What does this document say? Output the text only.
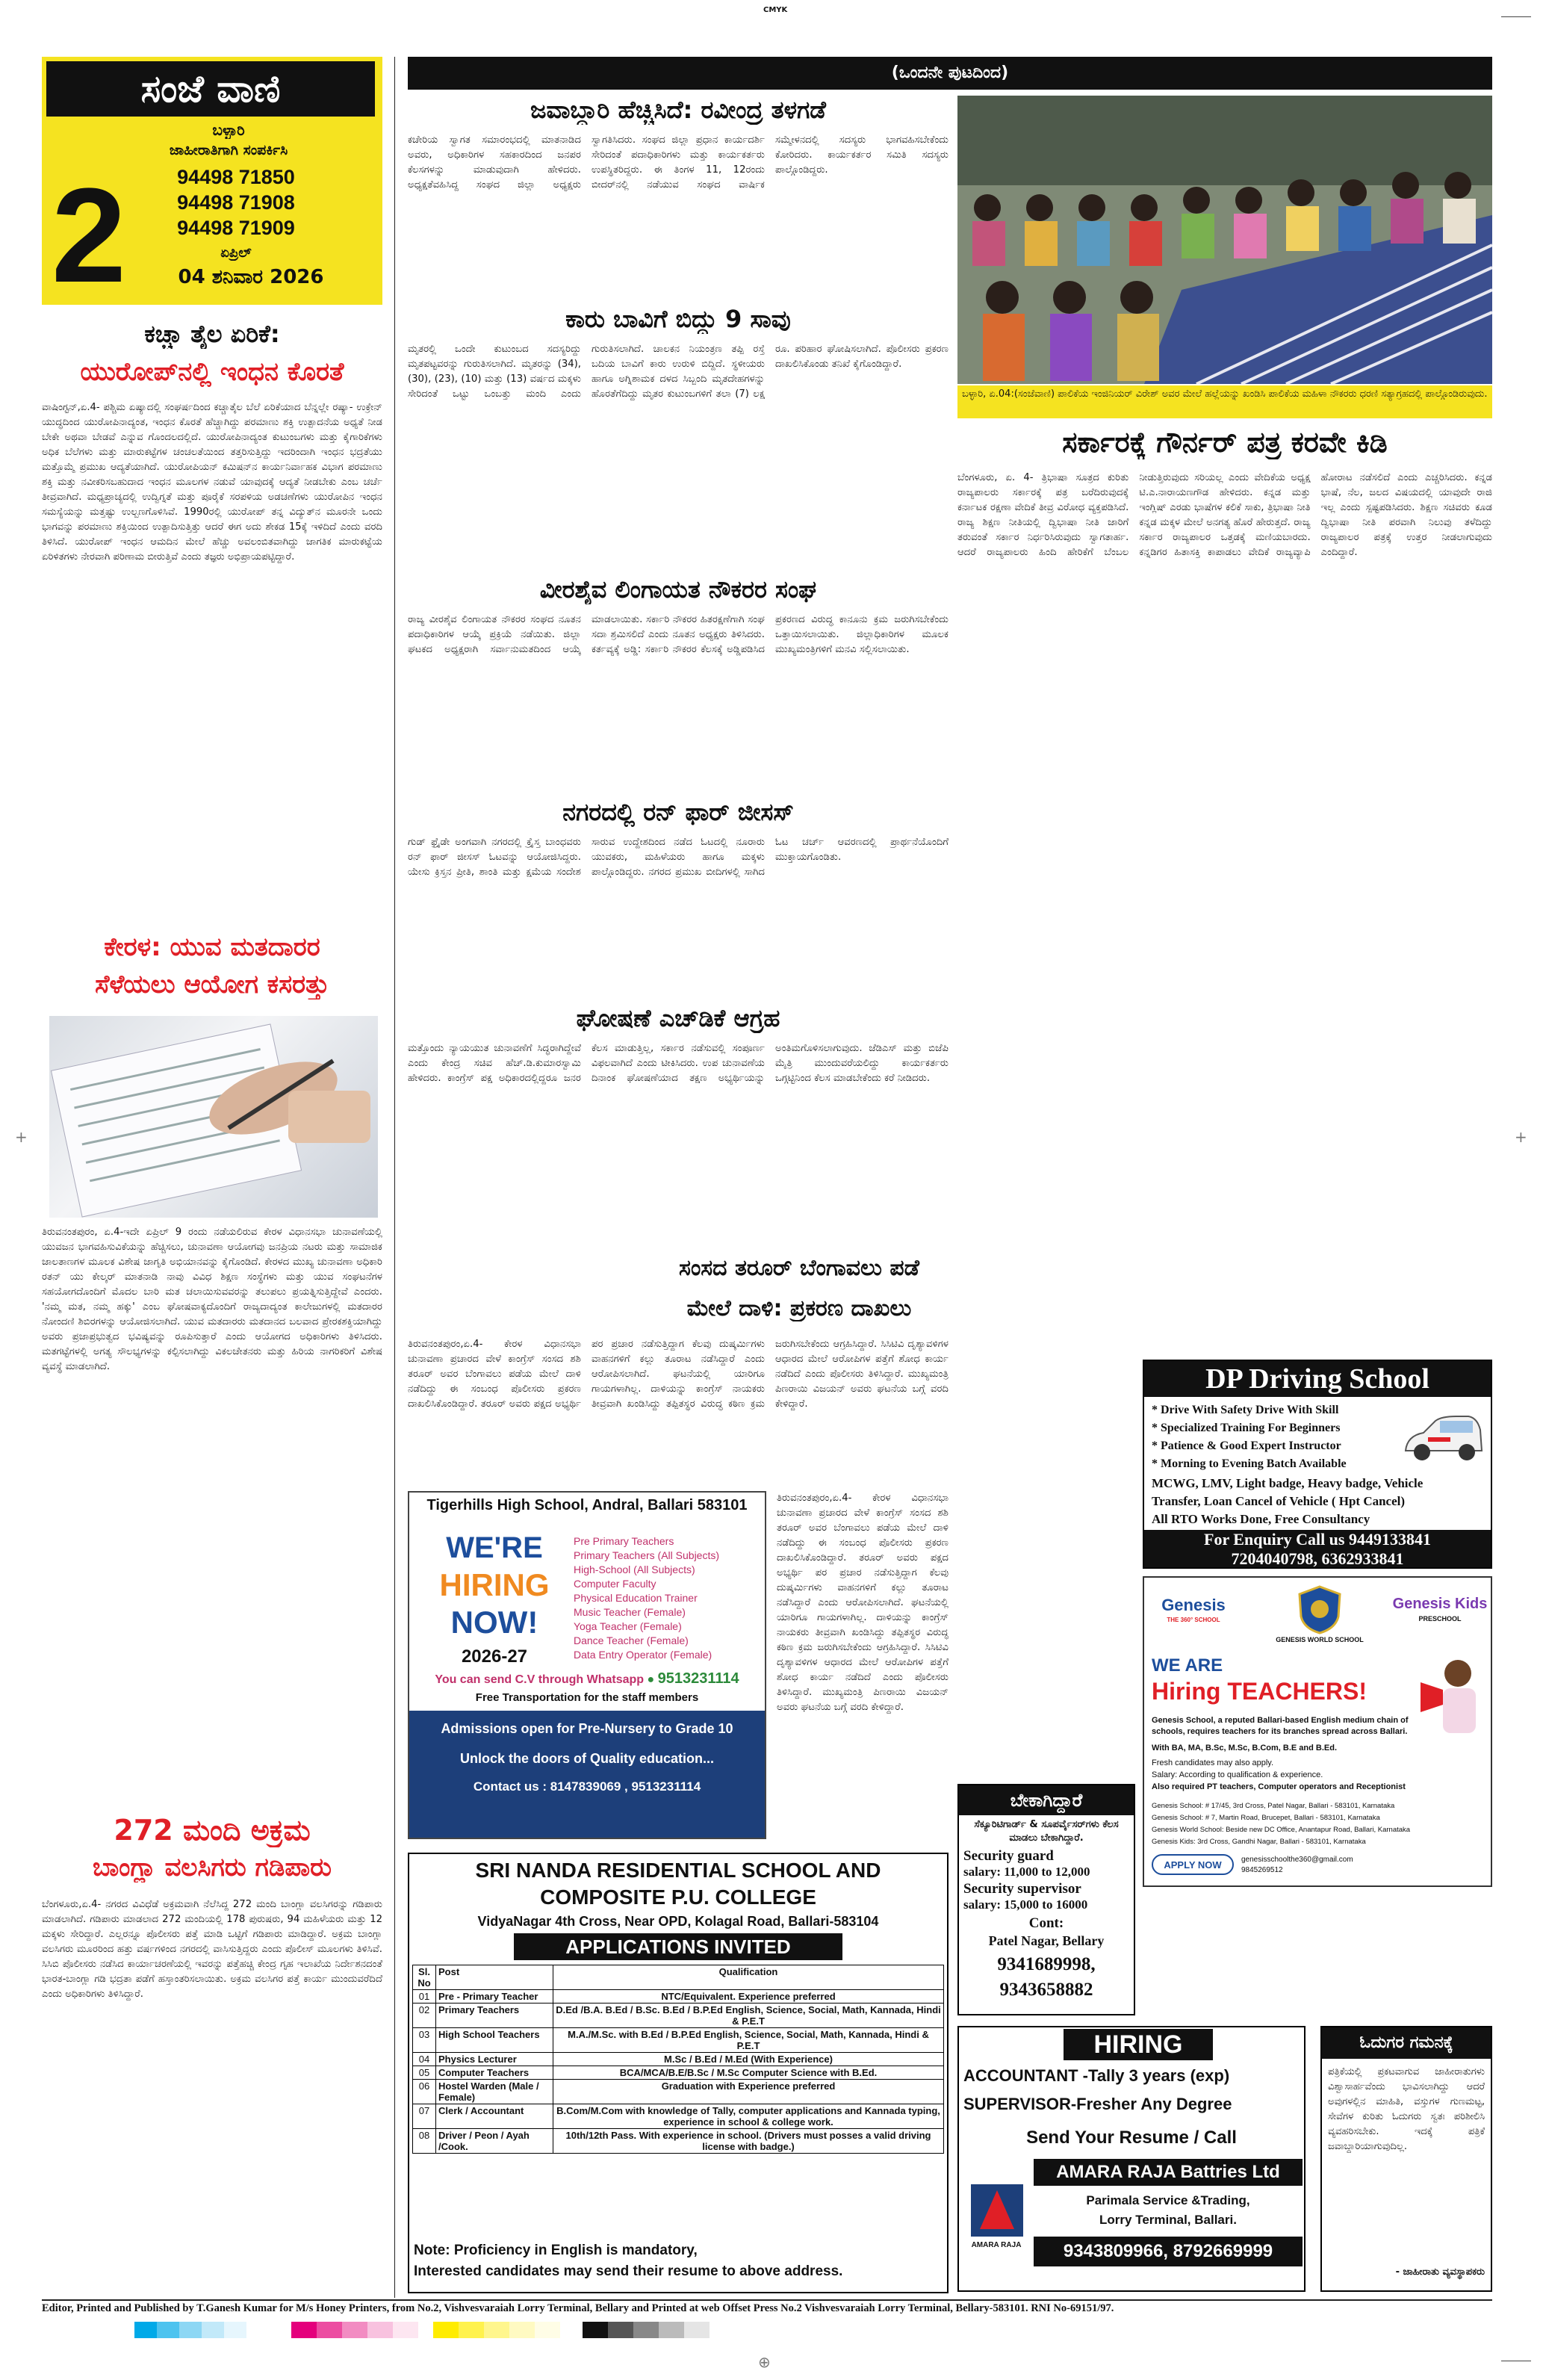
CMYK
+	+
⊕
ಸಂಜೆ ವಾಣಿ
ಬಳ್ಳಾರಿ
ಜಾಹೀರಾತಿಗಾಗಿ ಸಂಪರ್ಕಿಸಿ
94498 71850
94498 71908
94498 71909
2	ಏಪ್ರಿಲ್
04 ಶನಿವಾರ 2026
ಕಚ್ಚಾ ತೈಲ ಏರಿಕೆ:
ಯುರೋಪ್‌ನಲ್ಲಿ ಇಂಧನ ಕೊರತೆ
ವಾಷಿಂಗ್ಟನ್,ಏ.4- ಪಶ್ಚಿಮ ಏಷ್ಯಾದಲ್ಲಿ ಸಂಘರ್ಷದಿಂದ ಕಚ್ಚಾತೈಲ ಬೆಲೆ ಏರಿಕೆಯಾದ ಬೆನ್ನಲ್ಲೇ ರಷ್ಯಾ- ಉಕ್ರೇನ್ ಯುದ್ಧದಿಂದ ಯುರೋಪಿನಾದ್ಯಂತ, ಇಂಧನ ಕೊರತೆ ಹೆಚ್ಚಾಗಿದ್ದು ಪರಮಾಣು ಶಕ್ತಿ ಉತ್ಪಾದನೆಯ ಅಧ್ಯತೆ ನೀಡ ಬೇಕೇ ಅಥವಾ ಬೇಡವೆ ಎನ್ನುವ ಗೊಂದಲದಲ್ಲಿದೆ. ಯುರೋಪಿನಾದ್ಯಂತ ಕುಟುಂಬಗಳು ಮತ್ತು ಕೈಗಾರಿಕೆಗಳು ಅಧಿಕ ಬೆಲೆಗಳು ಮತ್ತು ಮಾರುಕಟ್ಟೆಗಳ ಚಂಚಲತೆಯಿಂದ ತತ್ತರಿಸುತ್ತಿದ್ದು ಇದರಿಂದಾಗಿ ಇಂಧನ ಭದ್ರತೆಯು ಮತ್ತೊಮ್ಮೆ ಪ್ರಮುಖ ಆದ್ಯತೆಯಾಗಿದೆ. ಯುರೋಪಿಯನ್ ಕಮಿಷನ್‌ನ ಕಾರ್ಯನಿರ್ವಾಹಕ ವಿಭಾಗ ಪರಮಾಣು ಶಕ್ತಿ ಮತ್ತು ನವೀಕರಿಸಬಹುದಾದ ಇಂಧನ ಮೂಲಗಳ ನಡುವೆ ಯಾವುದಕ್ಕೆ ಆದ್ಯತೆ ನೀಡಬೇಕು ಎಂಬ ಚರ್ಚೆ ತೀವ್ರವಾಗಿದೆ. ಮಧ್ಯಪ್ರಾಚ್ಯದಲ್ಲಿ ಉದ್ವಿಗ್ನತೆ ಮತ್ತು ಪೂರೈಕೆ ಸರಪಳಿಯ ಅಡಚಣೆಗಳು ಯುರೋಪಿನ ಇಂಧನ ಸಮಸ್ಯೆಯನ್ನು ಮತ್ತಷ್ಟು ಉಲ್ಬಣಗೊಳಿಸಿವೆ. 1990ರಲ್ಲಿ ಯುರೋಪ್ ತನ್ನ ವಿದ್ಯುತ್‌ನ ಮೂರನೇ ಒಂದು ಭಾಗವನ್ನು ಪರಮಾಣು ಶಕ್ತಿಯಿಂದ ಉತ್ಪಾದಿಸುತ್ತಿತ್ತು ಆದರೆ ಈಗ ಅದು ಶೇಕಡ 15ಕ್ಕೆ ಇಳಿದಿದೆ ಎಂದು ವರದಿ ತಿಳಿಸಿದೆ. ಯುರೋಪ್ ಇಂಧನ ಆಮದಿನ ಮೇಲೆ ಹೆಚ್ಚು ಅವಲಂಬಿತವಾಗಿದ್ದು ಜಾಗತಿಕ ಮಾರುಕಟ್ಟೆಯ ಏರಿಳಿತಗಳು ನೇರವಾಗಿ ಪರಿಣಾಮ ಬೀರುತ್ತಿವೆ ಎಂದು ತಜ್ಞರು ಅಭಿಪ್ರಾಯಪಟ್ಟಿದ್ದಾರೆ.
ಕೇರಳ: ಯುವ ಮತದಾರರ
ಸೆಳೆಯಲು ಆಯೋಗ ಕಸರತ್ತು
ತಿರುವನಂತಪುರಂ, ಏ.4-ಇದೇ ಏಪ್ರಿಲ್ 9 ರಂದು ನಡೆಯಲಿರುವ ಕೇರಳ ವಿಧಾನಸಭಾ ಚುನಾವಣೆಯಲ್ಲಿ ಯುವಜನ ಭಾಗವಹಿಸುವಿಕೆಯನ್ನು ಹೆಚ್ಚಿಸಲು, ಚುನಾವಣಾ ಆಯೋಗವು ಜನಪ್ರಿಯ ನಟರು ಮತ್ತು ಸಾಮಾಜಿಕ ಜಾಲತಾಣಗಳ ಮೂಲಕ ವಿಶೇಷ ಜಾಗೃತಿ ಅಭಿಯಾನವನ್ನು ಕೈಗೊಂಡಿದೆ. ಕೇರಳದ ಮುಖ್ಯ ಚುನಾವಣಾ ಅಧಿಕಾರಿ ರತನ್ ಯು ಕೇಲ್ಕರ್ ಮಾತನಾಡಿ ನಾವು ವಿವಿಧ ಶಿಕ್ಷಣ ಸಂಸ್ಥೆಗಳು ಮತ್ತು ಯುವ ಸಂಘಟನೆಗಳ ಸಹಯೋಗದೊಂದಿಗೆ ಮೊದಲ ಬಾರಿ ಮತ ಚಲಾಯಿಸುವವರನ್ನು ತಲುಪಲು ಪ್ರಯತ್ನಿಸುತ್ತಿದ್ದೇವೆ ಎಂದರು. 'ನಮ್ಮ ಮತ, ನಮ್ಮ ಹಕ್ಕು' ಎಂಬ ಘೋಷವಾಕ್ಯದೊಂದಿಗೆ ರಾಜ್ಯದಾದ್ಯಂತ ಕಾಲೇಜುಗಳಲ್ಲಿ ಮತದಾರರ ನೋಂದಣಿ ಶಿಬಿರಗಳನ್ನು ಆಯೋಜಿಸಲಾಗಿದೆ. ಯುವ ಮತದಾರರು ಮತದಾನದ ಬಲವಾದ ಪ್ರೇರಕಶಕ್ತಿಯಾಗಿದ್ದು ಅವರು ಪ್ರಜಾಪ್ರಭುತ್ವದ ಭವಿಷ್ಯವನ್ನು ರೂಪಿಸುತ್ತಾರೆ ಎಂದು ಆಯೋಗದ ಅಧಿಕಾರಿಗಳು ತಿಳಿಸಿದರು. ಮತಗಟ್ಟೆಗಳಲ್ಲಿ ಅಗತ್ಯ ಸೌಲಭ್ಯಗಳನ್ನು ಕಲ್ಪಿಸಲಾಗಿದ್ದು ವಿಕಲಚೇತನರು ಮತ್ತು ಹಿರಿಯ ನಾಗರಿಕರಿಗೆ ವಿಶೇಷ ವ್ಯವಸ್ಥೆ ಮಾಡಲಾಗಿದೆ.
272 ಮಂದಿ ಅಕ್ರಮ
ಬಾಂಗ್ಲಾ ವಲಸಿಗರು ಗಡಿಪಾರು
ಬೆಂಗಳೂರು,ಏ.4- ನಗರದ ವಿವಿಧೆಡೆ ಅಕ್ರಮವಾಗಿ ನೆಲೆಸಿದ್ದ 272 ಮಂದಿ ಬಾಂಗ್ಲಾ ವಲಸಿಗರನ್ನು ಗಡಿಪಾರು ಮಾಡಲಾಗಿದೆ. ಗಡಿಪಾರು ಮಾಡಲಾದ 272 ಮಂದಿಯಲ್ಲಿ 178 ಪುರುಷರು, 94 ಮಹಿಳೆಯರು ಮತ್ತು 12 ಮಕ್ಕಳು ಸೇರಿದ್ದಾರೆ. ಎಲ್ಲರನ್ನೂ ಪೊಲೀಸರು ಪತ್ತೆ ಮಾಡಿ ಒಟ್ಟಿಗೆ ಗಡಿಪಾರು ಮಾಡಿದ್ದಾರೆ. ಅಕ್ರಮ ಬಾಂಗ್ಲಾ ವಲಸಿಗರು ಮೂರರಿಂದ ಹತ್ತು ವರ್ಷಗಳಿಂದ ನಗರದಲ್ಲಿ ವಾಸಿಸುತ್ತಿದ್ದರು ಎಂದು ಪೊಲೀಸ್ ಮೂಲಗಳು ತಿಳಿಸಿವೆ. ಸಿಸಿಬಿ ಪೊಲೀಸರು ನಡೆಸಿದ ಕಾರ್ಯಾಚರಣೆಯಲ್ಲಿ ಇವರನ್ನು ಪತ್ತೆಹಚ್ಚಿ ಕೇಂದ್ರ ಗೃಹ ಇಲಾಖೆಯ ನಿರ್ದೇಶನದಂತೆ ಭಾರತ-ಬಾಂಗ್ಲಾ ಗಡಿ ಭದ್ರತಾ ಪಡೆಗೆ ಹಸ್ತಾಂತರಿಸಲಾಯಿತು. ಅಕ್ರಮ ವಲಸಿಗರ ಪತ್ತೆ ಕಾರ್ಯ ಮುಂದುವರೆದಿದೆ ಎಂದು ಅಧಿಕಾರಿಗಳು ತಿಳಿಸಿದ್ದಾರೆ.
(ಒಂದನೇ ಪುಟದಿಂದ)
ಜವಾಬ್ದಾರಿ ಹೆಚ್ಚಿಸಿದೆ: ರವೀಂದ್ರ ತಳಗಡೆ
ಕಚೇರಿಯ ಸ್ವಾಗತ ಸಮಾರಂಭದಲ್ಲಿ ಮಾತನಾಡಿದ ಅವರು, ಅಧಿಕಾರಿಗಳ ಸಹಕಾರದಿಂದ ಜನಪರ ಕೆಲಸಗಳನ್ನು ಮಾಡುವುದಾಗಿ ಹೇಳಿದರು. ಅಧ್ಯಕ್ಷತೆವಹಿಸಿದ್ದ ಸಂಘದ ಜಿಲ್ಲಾ ಅಧ್ಯಕ್ಷರು ಸ್ವಾಗತಿಸಿದರು. ಸಂಘದ ಜಿಲ್ಲಾ ಪ್ರಧಾನ ಕಾರ್ಯದರ್ಶಿ ಸೇರಿದಂತೆ ಪದಾಧಿಕಾರಿಗಳು ಮತ್ತು ಕಾರ್ಯಕರ್ತರು ಉಪಸ್ಥಿತರಿದ್ದರು. ಈ ತಿಂಗಳ 11, 12ರಂದು ಬೀದರ್‌ನಲ್ಲಿ ನಡೆಯುವ ಸಂಘದ ವಾರ್ಷಿಕ ಸಮ್ಮೇಳನದಲ್ಲಿ ಸದಸ್ಯರು ಭಾಗವಹಿಸಬೇಕೆಂದು ಕೋರಿದರು. ಕಾರ್ಯಕರ್ತರ ಸಮಿತಿ ಸದಸ್ಯರು ಪಾಲ್ಗೊಂಡಿದ್ದರು.
ಬಳ್ಳಾರಿ, ಏ.04:(ಸಂಜೆವಾಣಿ) ಪಾಲಿಕೆಯ ಇಂಜಿನಿಯರ್ ವಿರೇಶ್ ಅವರ ಮೇಲೆ ಹಲ್ಲೆಯನ್ನು ಖಂಡಿಸಿ ಪಾಲಿಕೆಯ ಮಹಿಳಾ ನೌಕರರು ಧರಣಿ ಸತ್ಯಾಗ್ರಹದಲ್ಲಿ ಪಾಲ್ಗೊಂಡಿರುವುದು.
ಕಾರು ಬಾವಿಗೆ ಬಿದ್ದು 9 ಸಾವು
ಮೃತರಲ್ಲಿ ಒಂದೇ ಕುಟುಂಬದ ಸದಸ್ಯರಿದ್ದು ಮೃತಪಟ್ಟವರನ್ನು ಗುರುತಿಸಲಾಗಿದೆ. ಮೃತರನ್ನು (34), (30), (23), (10) ಮತ್ತು (13) ವರ್ಷದ ಮಕ್ಕಳು ಸೇರಿದಂತೆ ಒಟ್ಟು ಒಂಬತ್ತು ಮಂದಿ ಎಂದು ಗುರುತಿಸಲಾಗಿದೆ. ಚಾಲಕನ ನಿಯಂತ್ರಣ ತಪ್ಪಿ ರಸ್ತೆ ಬದಿಯ ಬಾವಿಗೆ ಕಾರು ಉರುಳಿ ಬಿದ್ದಿದೆ. ಸ್ಥಳೀಯರು ಹಾಗೂ ಅಗ್ನಿಶಾಮಕ ದಳದ ಸಿಬ್ಬಂದಿ ಮೃತದೇಹಗಳನ್ನು ಹೊರತೆಗೆದಿದ್ದು ಮೃತರ ಕುಟುಂಬಗಳಿಗೆ ತಲಾ (7) ಲಕ್ಷ ರೂ. ಪರಿಹಾರ ಘೋಷಿಸಲಾಗಿದೆ. ಪೊಲೀಸರು ಪ್ರಕರಣ ದಾಖಲಿಸಿಕೊಂಡು ತನಿಖೆ ಕೈಗೊಂಡಿದ್ದಾರೆ.
ವೀರಶೈವ ಲಿಂಗಾಯತ ನೌಕರರ ಸಂಘ
ರಾಜ್ಯ ವೀರಶೈವ ಲಿಂಗಾಯತ ನೌಕರರ ಸಂಘದ ನೂತನ ಪದಾಧಿಕಾರಿಗಳ ಆಯ್ಕೆ ಪ್ರಕ್ರಿಯೆ ನಡೆಯಿತು. ಜಿಲ್ಲಾ ಘಟಕದ ಅಧ್ಯಕ್ಷರಾಗಿ ಸರ್ವಾನುಮತದಿಂದ ಆಯ್ಕೆ ಮಾಡಲಾಯಿತು. ಸರ್ಕಾರಿ ನೌಕರರ ಹಿತರಕ್ಷಣೆಗಾಗಿ ಸಂಘ ಸದಾ ಶ್ರಮಿಸಲಿದೆ ಎಂದು ನೂತನ ಅಧ್ಯಕ್ಷರು ತಿಳಿಸಿದರು. ಕರ್ತವ್ಯಕ್ಕೆ ಅಡ್ಡಿ: ಸರ್ಕಾರಿ ನೌಕರರ ಕೆಲಸಕ್ಕೆ ಅಡ್ಡಿಪಡಿಸಿದ ಪ್ರಕರಣದ ವಿರುದ್ಧ ಕಾನೂನು ಕ್ರಮ ಜರುಗಿಸಬೇಕೆಂದು ಒತ್ತಾಯಿಸಲಾಯಿತು. ಜಿಲ್ಲಾಧಿಕಾರಿಗಳ ಮೂಲಕ ಮುಖ್ಯಮಂತ್ರಿಗಳಿಗೆ ಮನವಿ ಸಲ್ಲಿಸಲಾಯಿತು.
ನಗರದಲ್ಲಿ ರನ್ ಫಾರ್ ಜೀಸಸ್
ಗುಡ್ ಫ್ರೈಡೇ ಅಂಗವಾಗಿ ನಗರದಲ್ಲಿ ಕ್ರೈಸ್ತ ಬಾಂಧವರು ರನ್ ಫಾರ್ ಜೀಸಸ್ ಓಟವನ್ನು ಆಯೋಜಿಸಿದ್ದರು. ಯೇಸು ಕ್ರಿಸ್ತನ ಪ್ರೀತಿ, ಶಾಂತಿ ಮತ್ತು ಕ್ಷಮೆಯ ಸಂದೇಶ ಸಾರುವ ಉದ್ದೇಶದಿಂದ ನಡೆದ ಓಟದಲ್ಲಿ ನೂರಾರು ಯುವಕರು, ಮಹಿಳೆಯರು ಹಾಗೂ ಮಕ್ಕಳು ಪಾಲ್ಗೊಂಡಿದ್ದರು. ನಗರದ ಪ್ರಮುಖ ಬೀದಿಗಳಲ್ಲಿ ಸಾಗಿದ ಓಟ ಚರ್ಚ್ ಆವರಣದಲ್ಲಿ ಪ್ರಾರ್ಥನೆಯೊಂದಿಗೆ ಮುಕ್ತಾಯಗೊಂಡಿತು.
ಘೋಷಣೆ ಎಚ್‌ಡಿಕೆ ಆಗ್ರಹ
ಮತ್ತೊಂದು ನ್ಯಾಯಯುತ ಚುನಾವಣೆಗೆ ಸಿದ್ಧರಾಗಿದ್ದೇವೆ ಎಂದು ಕೇಂದ್ರ ಸಚಿವ ಹೆಚ್.ಡಿ.ಕುಮಾರಸ್ವಾಮಿ ಹೇಳಿದರು. ಕಾಂಗ್ರೆಸ್ ಪಕ್ಷ ಅಧಿಕಾರದಲ್ಲಿದ್ದರೂ ಜನರ ಕೆಲಸ ಮಾಡುತ್ತಿಲ್ಲ, ಸರ್ಕಾರ ನಡೆಸುವಲ್ಲಿ ಸಂಪೂರ್ಣ ವಿಫಲವಾಗಿದೆ ಎಂದು ಟೀಕಿಸಿದರು. ಉಪ ಚುನಾವಣೆಯ ದಿನಾಂಕ ಘೋಷಣೆಯಾದ ತಕ್ಷಣ ಅಭ್ಯರ್ಥಿಯನ್ನು ಅಂತಿಮಗೊಳಿಸಲಾಗುವುದು. ಜೆಡಿಎಸ್ ಮತ್ತು ಬಿಜೆಪಿ ಮೈತ್ರಿ ಮುಂದುವರೆಯಲಿದ್ದು ಕಾರ್ಯಕರ್ತರು ಒಗ್ಗಟ್ಟಿನಿಂದ ಕೆಲಸ ಮಾಡಬೇಕೆಂದು ಕರೆ ನೀಡಿದರು.
ಸಂಸದ ತರೂರ್ ಬೆಂಗಾವಲು ಪಡೆ
ಮೇಲೆ ದಾಳಿ: ಪ್ರಕರಣ ದಾಖಲು
ತಿರುವನಂತಪುರಂ,ಏ.4- ಕೇರಳ ವಿಧಾನಸಭಾ ಚುನಾವಣಾ ಪ್ರಚಾರದ ವೇಳೆ ಕಾಂಗ್ರೆಸ್ ಸಂಸದ ಶಶಿ ತರೂರ್ ಅವರ ಬೆಂಗಾವಲು ಪಡೆಯ ಮೇಲೆ ದಾಳಿ ನಡೆದಿದ್ದು ಈ ಸಂಬಂಧ ಪೊಲೀಸರು ಪ್ರಕರಣ ದಾಖಲಿಸಿಕೊಂಡಿದ್ದಾರೆ. ತರೂರ್ ಅವರು ಪಕ್ಷದ ಅಭ್ಯರ್ಥಿ ಪರ ಪ್ರಚಾರ ನಡೆಸುತ್ತಿದ್ದಾಗ ಕೆಲವು ದುಷ್ಕರ್ಮಿಗಳು ವಾಹನಗಳಿಗೆ ಕಲ್ಲು ತೂರಾಟ ನಡೆಸಿದ್ದಾರೆ ಎಂದು ಆರೋಪಿಸಲಾಗಿದೆ. ಘಟನೆಯಲ್ಲಿ ಯಾರಿಗೂ ಗಾಯಗಳಾಗಿಲ್ಲ. ದಾಳಿಯನ್ನು ಕಾಂಗ್ರೆಸ್ ನಾಯಕರು ತೀವ್ರವಾಗಿ ಖಂಡಿಸಿದ್ದು ತಪ್ಪಿತಸ್ಥರ ವಿರುದ್ಧ ಕಠಿಣ ಕ್ರಮ ಜರುಗಿಸಬೇಕೆಂದು ಆಗ್ರಹಿಸಿದ್ದಾರೆ. ಸಿಸಿಟಿವಿ ದೃಶ್ಯಾವಳಿಗಳ ಆಧಾರದ ಮೇಲೆ ಆರೋಪಿಗಳ ಪತ್ತೆಗೆ ಶೋಧ ಕಾರ್ಯ ನಡೆದಿದೆ ಎಂದು ಪೊಲೀಸರು ತಿಳಿಸಿದ್ದಾರೆ. ಮುಖ್ಯಮಂತ್ರಿ ಪಿಣರಾಯಿ ವಿಜಯನ್ ಅವರು ಘಟನೆಯ ಬಗ್ಗೆ ವರದಿ ಕೇಳಿದ್ದಾರೆ.
ಸರ್ಕಾರಕ್ಕೆ ಗೌರ್ನರ್ ಪತ್ರ ಕರವೇ ಕಿಡಿ
ಬೆಂಗಳೂರು, ಏ. 4- ತ್ರಿಭಾಷಾ ಸೂತ್ರದ ಕುರಿತು ರಾಜ್ಯಪಾಲರು ಸರ್ಕಾರಕ್ಕೆ ಪತ್ರ ಬರೆದಿರುವುದಕ್ಕೆ ಕರ್ನಾಟಕ ರಕ್ಷಣಾ ವೇದಿಕೆ ತೀವ್ರ ವಿರೋಧ ವ್ಯಕ್ತಪಡಿಸಿದೆ. ರಾಜ್ಯ ಶಿಕ್ಷಣ ನೀತಿಯಲ್ಲಿ ದ್ವಿಭಾಷಾ ನೀತಿ ಜಾರಿಗೆ ತರುವಂತೆ ಸರ್ಕಾರ ನಿರ್ಧರಿಸಿರುವುದು ಸ್ವಾಗತಾರ್ಹ. ಆದರೆ ರಾಜ್ಯಪಾಲರು ಹಿಂದಿ ಹೇರಿಕೆಗೆ ಬೆಂಬಲ ನೀಡುತ್ತಿರುವುದು ಸರಿಯಲ್ಲ ಎಂದು ವೇದಿಕೆಯ ಅಧ್ಯಕ್ಷ ಟಿ.ಎ.ನಾರಾಯಣಗೌಡ ಹೇಳಿದರು. ಕನ್ನಡ ಮತ್ತು ಇಂಗ್ಲಿಷ್ ಎರಡು ಭಾಷೆಗಳ ಕಲಿಕೆ ಸಾಕು, ತ್ರಿಭಾಷಾ ನೀತಿ ಕನ್ನಡ ಮಕ್ಕಳ ಮೇಲೆ ಅನಗತ್ಯ ಹೊರೆ ಹೇರುತ್ತದೆ. ರಾಜ್ಯ ಸರ್ಕಾರ ರಾಜ್ಯಪಾಲರ ಒತ್ತಡಕ್ಕೆ ಮಣಿಯಬಾರದು. ಕನ್ನಡಿಗರ ಹಿತಾಸಕ್ತಿ ಕಾಪಾಡಲು ವೇದಿಕೆ ರಾಜ್ಯವ್ಯಾಪಿ ಹೋರಾಟ ನಡೆಸಲಿದೆ ಎಂದು ಎಚ್ಚರಿಸಿದರು. ಕನ್ನಡ ಭಾಷೆ, ನೆಲ, ಜಲದ ವಿಷಯದಲ್ಲಿ ಯಾವುದೇ ರಾಜಿ ಇಲ್ಲ ಎಂದು ಸ್ಪಷ್ಟಪಡಿಸಿದರು. ಶಿಕ್ಷಣ ಸಚಿವರು ಕೂಡ ದ್ವಿಭಾಷಾ ನೀತಿ ಪರವಾಗಿ ನಿಲುವು ತಳೆದಿದ್ದು ರಾಜ್ಯಪಾಲರ ಪತ್ರಕ್ಕೆ ಉತ್ತರ ನೀಡಲಾಗುವುದು ಎಂದಿದ್ದಾರೆ.
Tigerhills High School, Andral, Ballari 583101
WE'RE
HIRING
NOW!
2026-27
Pre Primary Teachers
Primary Teachers (All Subjects)
High-School (All Subjects)
Computer Faculty
Physical Education Trainer
Music Teacher (Female)
Yoga Teacher (Female)
Dance Teacher (Female)
Data Entry Operator (Female)
You can send C.V through Whatsapp ● 9513231114
Free Transportation for the staff members
Admissions open for Pre-Nursery to Grade 10
Unlock the doors of Quality education...
Contact us : 8147839069 , 9513231114
ತಿರುವನಂತಪುರಂ,ಏ.4- ಕೇರಳ ವಿಧಾನಸಭಾ ಚುನಾವಣಾ ಪ್ರಚಾರದ ವೇಳೆ ಕಾಂಗ್ರೆಸ್ ಸಂಸದ ಶಶಿ ತರೂರ್ ಅವರ ಬೆಂಗಾವಲು ಪಡೆಯ ಮೇಲೆ ದಾಳಿ ನಡೆದಿದ್ದು ಈ ಸಂಬಂಧ ಪೊಲೀಸರು ಪ್ರಕರಣ ದಾಖಲಿಸಿಕೊಂಡಿದ್ದಾರೆ. ತರೂರ್ ಅವರು ಪಕ್ಷದ ಅಭ್ಯರ್ಥಿ ಪರ ಪ್ರಚಾರ ನಡೆಸುತ್ತಿದ್ದಾಗ ಕೆಲವು ದುಷ್ಕರ್ಮಿಗಳು ವಾಹನಗಳಿಗೆ ಕಲ್ಲು ತೂರಾಟ ನಡೆಸಿದ್ದಾರೆ ಎಂದು ಆರೋಪಿಸಲಾಗಿದೆ. ಘಟನೆಯಲ್ಲಿ ಯಾರಿಗೂ ಗಾಯಗಳಾಗಿಲ್ಲ. ದಾಳಿಯನ್ನು ಕಾಂಗ್ರೆಸ್ ನಾಯಕರು ತೀವ್ರವಾಗಿ ಖಂಡಿಸಿದ್ದು ತಪ್ಪಿತಸ್ಥರ ವಿರುದ್ಧ ಕಠಿಣ ಕ್ರಮ ಜರುಗಿಸಬೇಕೆಂದು ಆಗ್ರಹಿಸಿದ್ದಾರೆ. ಸಿಸಿಟಿವಿ ದೃಶ್ಯಾವಳಿಗಳ ಆಧಾರದ ಮೇಲೆ ಆರೋಪಿಗಳ ಪತ್ತೆಗೆ ಶೋಧ ಕಾರ್ಯ ನಡೆದಿದೆ ಎಂದು ಪೊಲೀಸರು ತಿಳಿಸಿದ್ದಾರೆ. ಮುಖ್ಯಮಂತ್ರಿ ಪಿಣರಾಯಿ ವಿಜಯನ್ ಅವರು ಘಟನೆಯ ಬಗ್ಗೆ ವರದಿ ಕೇಳಿದ್ದಾರೆ.
SRI NANDA RESIDENTIAL SCHOOL AND
COMPOSITE P.U. COLLEGE
VidyaNagar 4th Cross, Near OPD, Kolagal Road, Ballari-583104
APPLICATIONS INVITED
Sl. No	Post	Qualification
01	Pre - Primary Teacher	NTC/Equivalent. Experience preferred
02	Primary Teachers	D.Ed /B.A. B.Ed / B.Sc. B.Ed / B.P.Ed English, Science, Social, Math, Kannada, Hindi & P.E.T
03	High School Teachers	M.A./M.Sc. with B.Ed / B.P.Ed English, Science, Social, Math, Kannada, Hindi & P.E.T
04	Physics Lecturer	M.Sc / B.Ed / M.Ed (With Experience)
05	Computer Teachers	BCA/MCA/B.E/B.Sc / M.Sc Computer Science with B.Ed.
06	Hostel Warden (Male / Female)	Graduation with Experience preferred
07	Clerk / Accountant	B.Com/M.Com with knowledge of Tally, computer applications and Kannada typing, experience in school & college work.
08	Driver / Peon / Ayah /Cook.	10th/12th Pass. With experience in school. (Drivers must posses a valid driving license with badge.)
Note: Proficiency in English is mandatory,
Interested candidates may send their resume to above address.
ಬೇಕಾಗಿದ್ದಾರೆ
ಸೆಕ್ಯೂರಿಟಿಗಾರ್ಡ್ & ಸೂಪರ್ವೈಸರ್‌ಗಳು ಕೆಲಸ ಮಾಡಲು ಬೇಕಾಗಿದ್ದಾರೆ.
Security guard
salary: 11,000 to 12,000
Security supervisor
salary: 15,000 to 16000
Cont:
Patel Nagar, Bellary
9341689998,
9343658882
DP Driving School
* Drive With Safety Drive With Skill
* Specialized Training For Beginners
* Patience & Good Expert Instructor
* Morning to Evening Batch Available
MCWG, LMV, Light badge, Heavy badge, Vehicle
Transfer, Loan Cancel of Vehicle ( Hpt Cancel)
All RTO Works Done, Free Consultancy
For Enquiry Call us 9449133841
7204040798, 6362933841
Genesis
THE 360° SCHOOL
GENESIS WORLD SCHOOL
Genesis Kids
PRESCHOOL
WE ARE
Hiring TEACHERS!
Genesis School, a reputed Ballari-based English medium chain of schools, requires teachers for its branches spread across Ballari.
With BA, MA, B.Sc, M.Sc, B.Com, B.E and B.Ed.
Fresh candidates may also apply.
Salary: According to qualification & experience.
Also required PT teachers, Computer operators and Receptionist
Genesis School: # 17/45, 3rd Cross, Patel Nagar, Ballari - 583101, Karnataka
Genesis School: # 7, Martin Road, Brucepet, Ballari - 583101, Karnataka
Genesis World School: Beside new DC Office, Anantapur Road, Ballari, Karnataka
Genesis Kids: 3rd Cross, Gandhi Nagar, Ballari - 583101, Karnataka
APPLY NOW	genesisschoolthe360@gmail.com
9845269512
HIRING
ACCOUNTANT -Tally 3 years (exp)
SUPERVISOR-Fresher Any Degree
Send Your Resume / Call
AMARA RAJA Battries Ltd
AMARA RAJA
Parimala Service &Trading,
Lorry Terminal, Ballari.
9343809966, 8792669999
ಓದುಗರ ಗಮನಕ್ಕೆ
ಪತ್ರಿಕೆಯಲ್ಲಿ ಪ್ರಕಟವಾಗುವ ಜಾಹೀರಾತುಗಳು ವಿಶ್ವಾಸಾರ್ಹವೆಂದು ಭಾವಿಸಲಾಗಿದ್ದು ಆದರೆ ಅವುಗಳಲ್ಲಿನ ಮಾಹಿತಿ, ವಸ್ತುಗಳ ಗುಣಮಟ್ಟ, ಸೇವೆಗಳ ಕುರಿತು ಓದುಗರು ಸ್ವತಃ ಪರಿಶೀಲಿಸಿ ವ್ಯವಹರಿಸಬೇಕು. ಇದಕ್ಕೆ ಪತ್ರಿಕೆ ಜವಾಬ್ದಾರಿಯಾಗುವುದಿಲ್ಲ.
- ಜಾಹೀರಾತು ವ್ಯವಸ್ಥಾಪಕರು
Editor, Printed and Published by T.Ganesh Kumar for M/s Honey Printers, from No.2, Vishvesvaraiah Lorry Terminal, Bellary and Printed at web Offset Press No.2 Vishvesvaraiah Lorry Terminal, Bellary-583101. RNI No-69151/97.
